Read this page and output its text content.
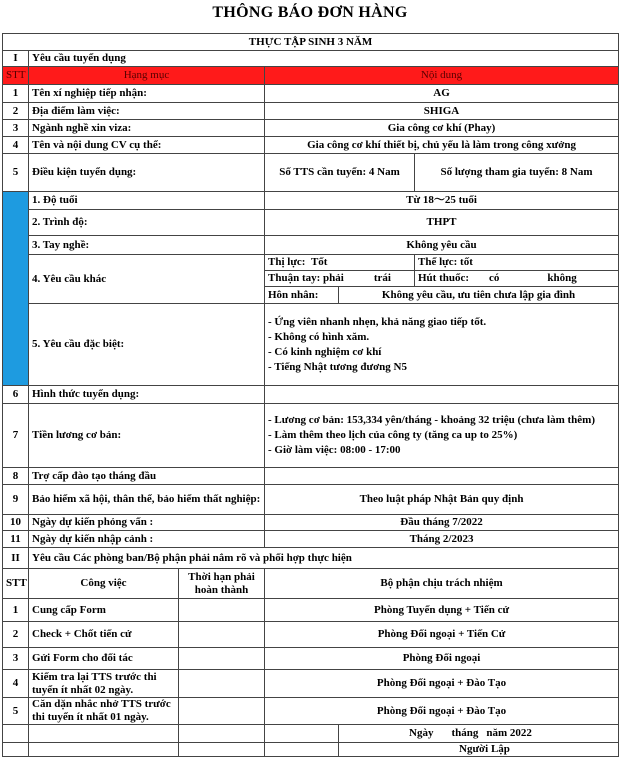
THÔNG BÁO ĐƠN HÀNG
THỰC TẬP SINH 3 NĂM					
I	Yêu cầu tuyển dụng				
STT	Hạng mục		Nội dung		
1	Tên xí nghiệp tiếp nhận:		AG		
2	Địa điểm làm việc:		SHIGA		
3	Ngành nghề xin viza:		Gia công cơ khí (Phay)		
4	Tên và nội dung CV cụ thể:		Gia công cơ khí thiết bị, chủ yếu là làm trong công xưởng		
5	Điều kiện tuyển dụng:		Số TTS cần tuyển: 4 Nam		Số lượng tham gia tuyển: 8 Nam
	1. Độ tuổi		Từ 18～25 tuổi		
	2. Trình độ:		THPT		
	3. Tay nghề:		Không yêu cầu		
	4. Yêu cầu khác		Thị lực: Tốt		Thể lực: tốt
			Thuận tay: phải trái		Hút thuốc: có không
			Hôn nhân:	Không yêu cầu, ưu tiên chưa lập gia đình	
	5. Yêu cầu đặc biệt:		- Ứng viên nhanh nhẹn, khả năng giao tiếp tốt.
- Không có hình xăm.
- Có kinh nghiệm cơ khí
- Tiếng Nhật tương đương N5		

6	Hình thức tuyển dụng:				
7	Tiền lương cơ bản:		- Lương cơ bản: 153,334 yên/tháng - khoảng 32 triệu (chưa làm thêm)
- Làm thêm theo lịch của công ty (tăng ca up to 25%)
- Giờ làm việc: 08:00 - 17:00		

8	Trợ cấp đào tạo tháng đầu				
9	Bảo hiểm xã hội, thân thể, bảo hiểm thất nghiệp:		Theo luật pháp Nhật Bản quy định		
10	Ngày dự kiến phỏng vấn :		Đầu tháng 7/2022		
11	Ngày dự kiến nhập cảnh :		Tháng 2/2023		
II	Yêu cầu Các phòng ban/Bộ phận phải nắm rõ và phối hợp thực hiện				
STT	Công việc	Thời hạn phải hoàn thành	Bộ phận chịu trách nhiệm		
1	Cung cấp Form		Phòng Tuyển dụng + Tiến cử		
2	Check + Chốt tiến cử		Phòng Đối ngoại + Tiến Cử		
3	Gửi Form cho đối tác		Phòng Đối ngoại		
4	Kiểm tra lại TTS trước thi tuyển ít nhất 02 ngày.		Phòng Đối ngoại + Đào Tạo		
5	Căn dặn nhắc nhở TTS trước thi tuyển ít nhất 01 ngày.		Phòng Đối ngoại + Đào Tạo		
				Ngày tháng năm 2022	
				Người Lập	
